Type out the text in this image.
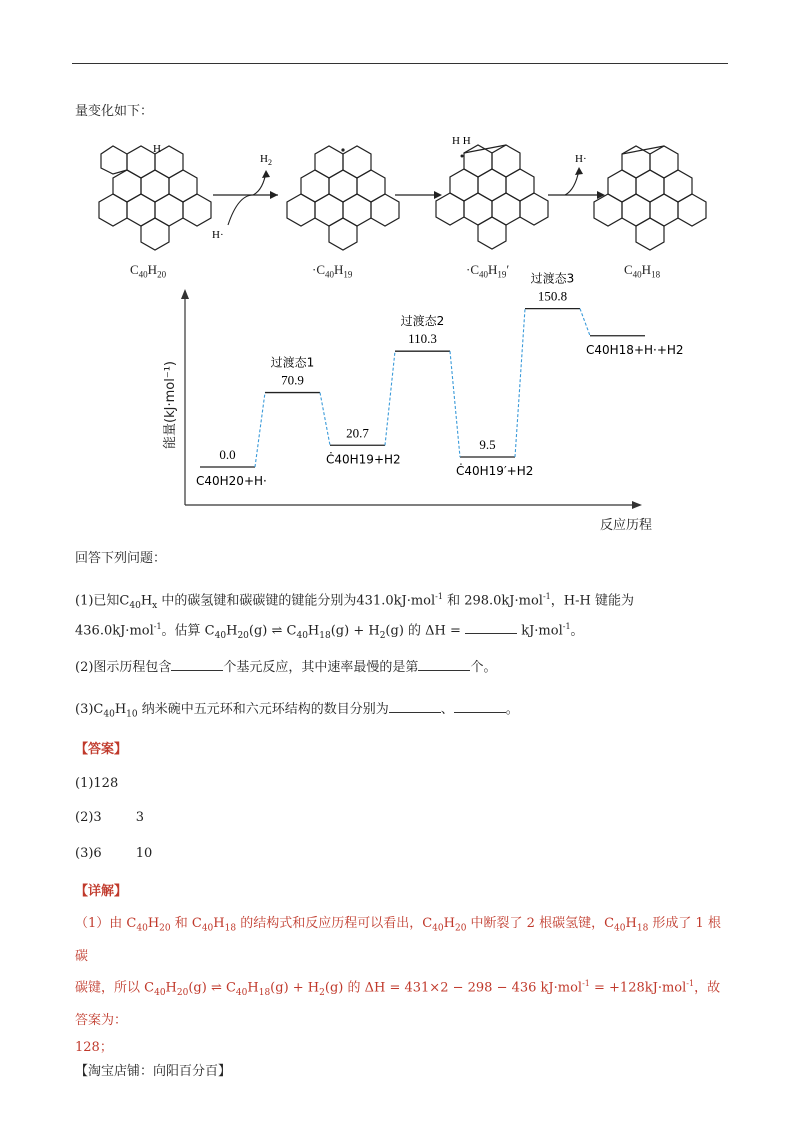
量变化如下：
H
$C_{40}H_{20}$
$H_2$
H·
$\cdot C_{40}H_{19}$
H H
$\cdot C_{40}H_{19}'$
H·
$C_{40}H_{18}$
能量(kJ·mol⁻¹)
反应历程
0.0
C40H20+H·
70.9
过渡态1
20.7
Ċ40H19+H2
110.3
过渡态2
9.5
Ċ40H19′+H2
150.8
过渡态3
C40H18+H·+H2
回答下列问题：
(1)已知$C_{40}H_x$ 中的碳氢键和碳碳键的键能分别为431.0kJ·mol$^{-1}$ 和 298.0kJ·mol$^{-1}$，H-H 键能为
436.0kJ·mol$^{-1}$。估算 $C_{40}H_{20}(g)$ ⇌ $C_{40}H_{18}(g) + H_2(g)$ 的 ΔH =	kJ·mol$^{-1}$。
(2)图示历程包含	个基元反应，其中速率最慢的是第	个。
$(3)C_{40}H_{10}$ 纳米碗中五元环和六元环结构的数目分别为	、	。
【答案】
(1)128
(2)3	3
(3)6	10
【详解】
（1）由 $C_{40}H_{20}$ 和 $C_{40}H_{18}$ 的结构式和反应历程可以看出，$C_{40}H_{20}$ 中断裂了 2 根碳氢键，$C_{40}H_{18}$ 形成了 1 根碳
碳键，所以 $C_{40}H_{20}(g)$ ⇌ $C_{40}H_{18}(g) + H_2(g)$ 的 ΔH = 431×2 − 298 − 436 kJ·mol$^{-1}$ = +128kJ·mol$^{-1}$，故答案为：
128；
【淘宝店铺：向阳百分百】
